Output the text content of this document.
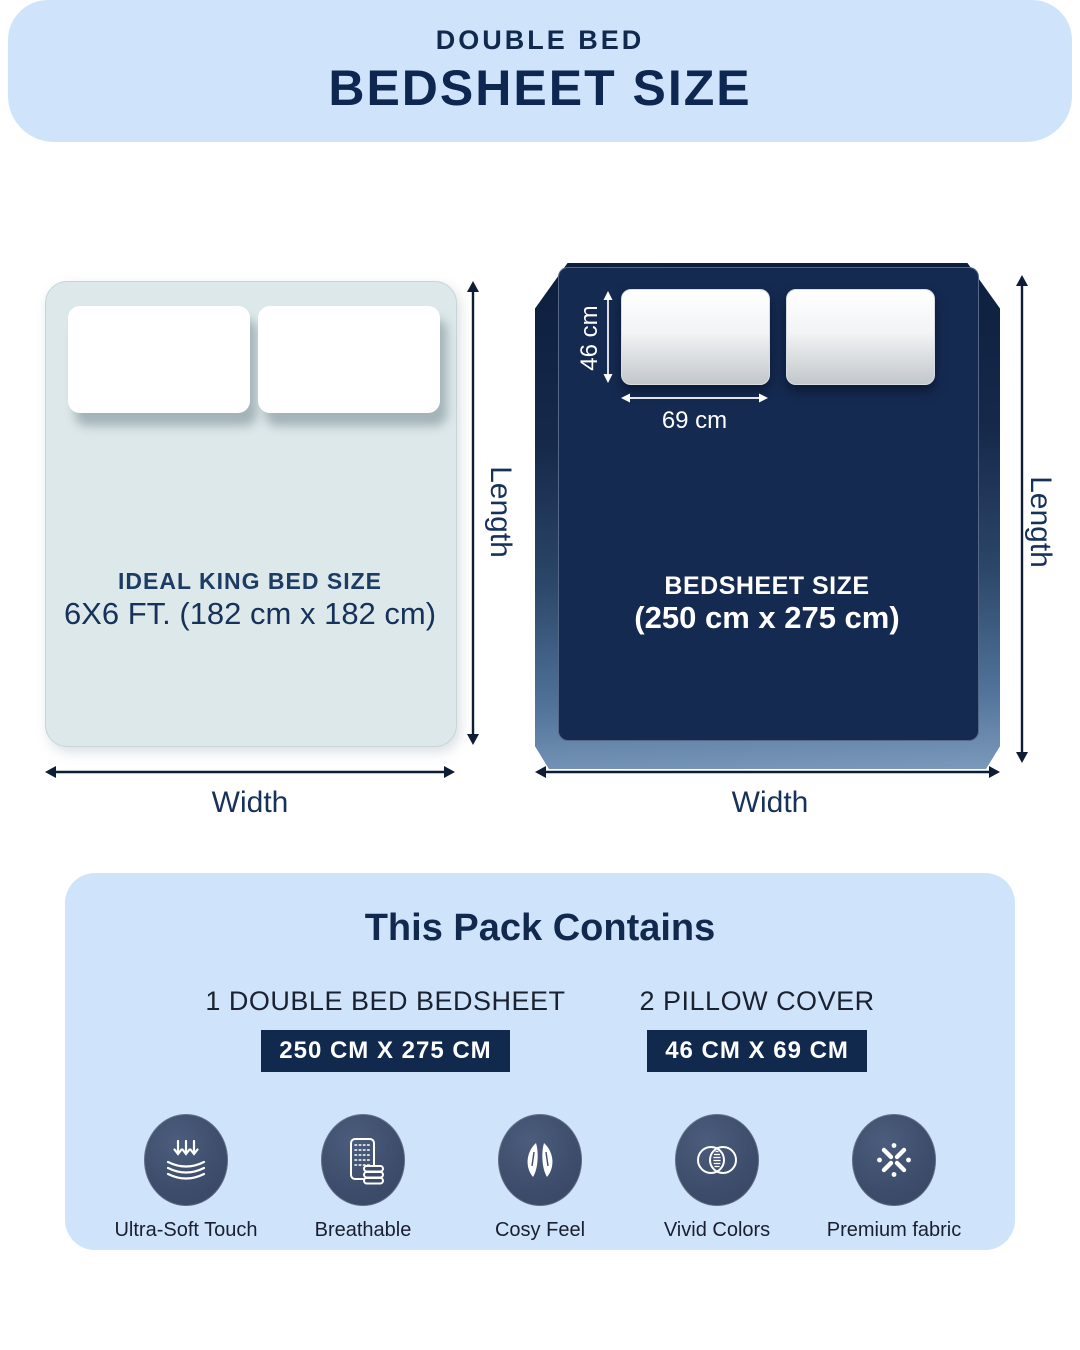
DOUBLE BED
BEDSHEET SIZE
IDEAL KING BED SIZE
6X6 FT. (182 cm x 182 cm)
Length
Width
46 cm
69 cm
BEDSHEET SIZE
(250 cm x 275 cm)
Length
Width
This Pack Contains
1 DOUBLE BED BEDSHEET
250 CM X 275 CM
2 PILLOW COVER
46 CM X 69 CM
Ultra-Soft Touch	Breathable	Cosy Feel	Vivid Colors	Premium fabric
